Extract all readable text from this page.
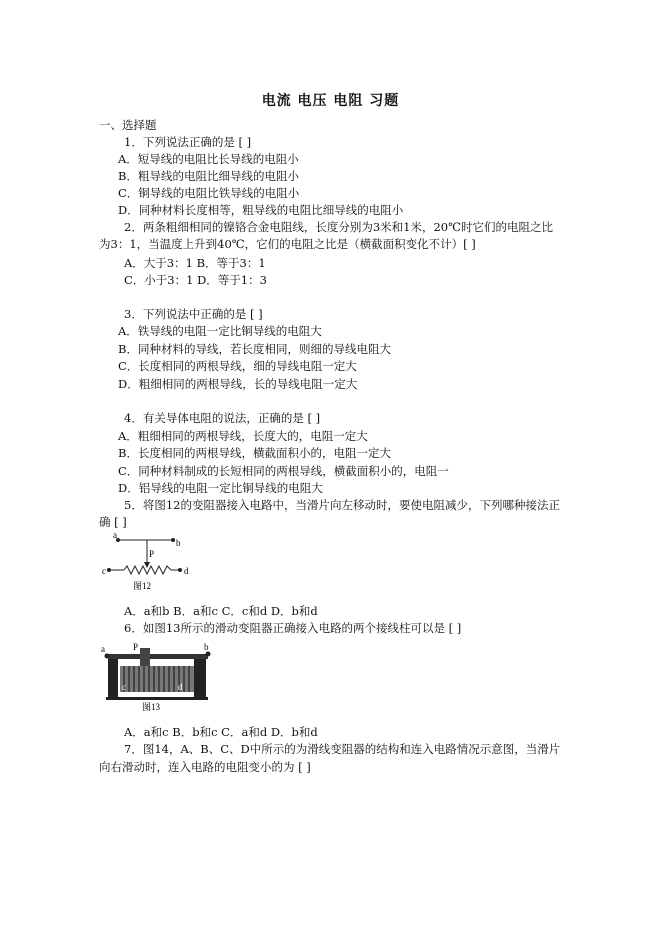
电流 电压 电阻 习题
一、选择题
1．下列说法正确的是 [ ]
A．短导线的电阻比长导线的电阻小
B．粗导线的电阻比细导线的电阻小
C．铜导线的电阻比铁导线的电阻小
D．同种材料长度相等，粗导线的电阻比细导线的电阻小
2．两条粗细相同的镍铬合金电阻线，长度分别为3米和1米，20℃时它们的电阻之比
为3：1，当温度上升到40℃，它们的电阻之比是（横截面积变化不计）[ ]
A．大于3：1 B．等于3：1
C．小于3：1 D．等于1：3
3．下列说法中正确的是 [ ]
A．铁导线的电阻一定比铜导线的电阻大
B．同种材料的导线，若长度相同，则细的导线电阻大
C．长度相同的两根导线，细的导线电阻一定大
D．粗细相同的两根导线，长的导线电阻一定大
4．有关导体电阻的说法，正确的是 [ ]
A．粗细相同的两根导线，长度大的，电阻一定大
B．长度相同的两根导线，横截面积小的，电阻一定大
C．同种材料制成的长短相同的两根导线，横截面积小的，电阻一
D．铝导线的电阻一定比铜导线的电阻大
5．将图12的变阻器接入电路中，当滑片向左移动时，要使电阻减少，下列哪种接法正
确 [ ]
a
b
P
c	d
图12
A．a和b B．a和c C．c和d D．b和d
6．如图13所示的滑动变阻器正确接入电路的两个接线柱可以是 [ ]
a	b
P
c	d
图13
A．a和c B．b和c C．a和d D．b和d
7．图14，A、B、C、D中所示的为滑线变阻器的结构和连入电路情况示意图，当滑片
向右滑动时，连入电路的电阻变小的为 [ ]
